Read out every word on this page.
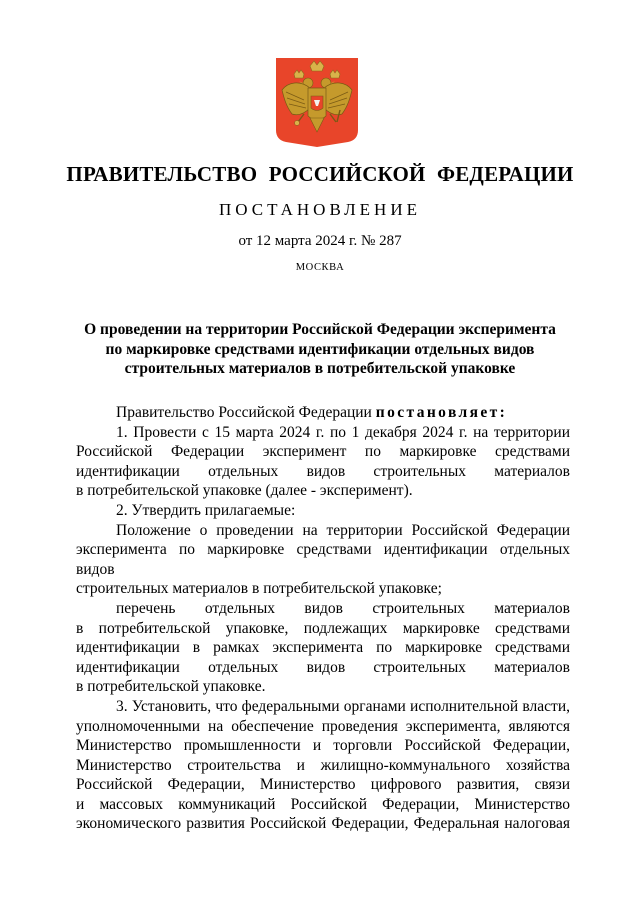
ПРАВИТЕЛЬСТВО РОССИЙСКОЙ ФЕДЕРАЦИИ
ПОСТАНОВЛЕНИЕ
от 12 марта 2024 г. № 287
МОСКВА
О проведении на территории Российской Федерации эксперимента
по маркировке средствами идентификации отдельных видов
строительных материалов в потребительской упаковке
Правительство Российской Федерации постановляет:
1. Провести с 15 марта 2024 г. по 1 декабря 2024 г. на территории
Российской Федерации эксперимент по маркировке средствами
идентификации отдельных видов строительных материалов
в потребительской упаковке (далее - эксперимент).
2. Утвердить прилагаемые:
Положение о проведении на территории Российской Федерации
эксперимента по маркировке средствами идентификации отдельных видов
строительных материалов в потребительской упаковке;
перечень отдельных видов строительных материалов
в потребительской упаковке, подлежащих маркировке средствами
идентификации в рамках эксперимента по маркировке средствами
идентификации отдельных видов строительных материалов
в потребительской упаковке.
3. Установить, что федеральными органами исполнительной власти,
уполномоченными на обеспечение проведения эксперимента, являются
Министерство промышленности и торговли Российской Федерации,
Министерство строительства и жилищно-коммунального хозяйства
Российской Федерации, Министерство цифрового развития, связи
и массовых коммуникаций Российской Федерации, Министерство
экономического развития Российской Федерации, Федеральная налоговая
